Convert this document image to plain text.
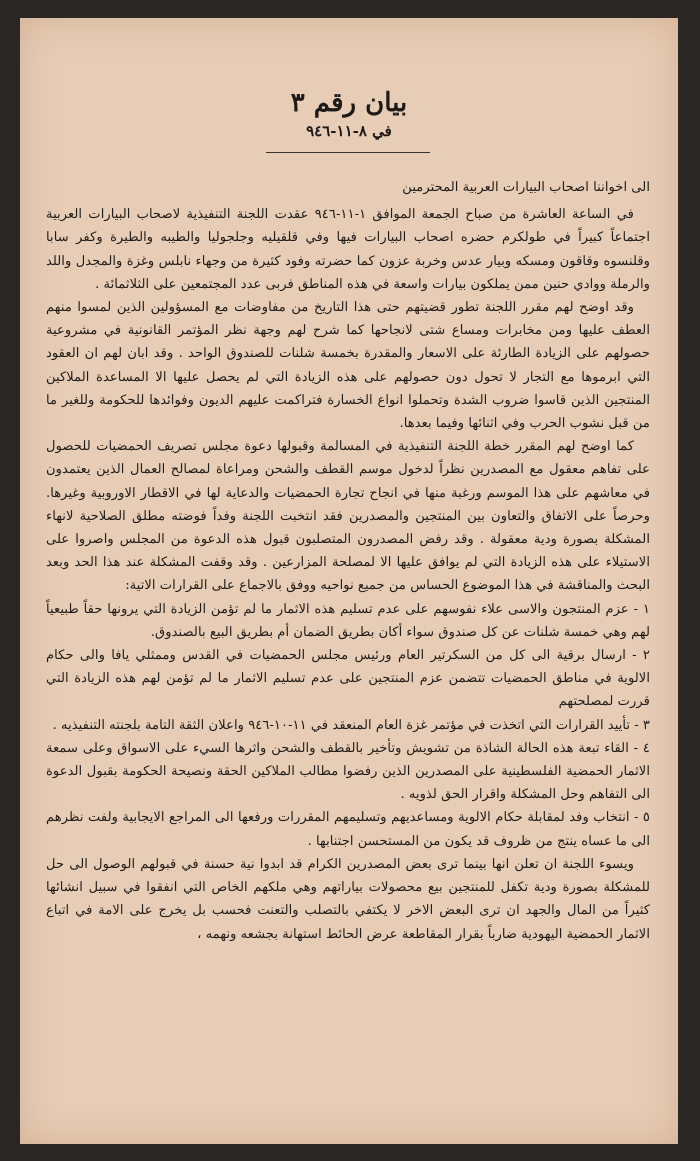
بيان رقم ٣
في ٨-١١-٩٤٦

الى اخواننا اصحاب البيارات العربية المحترمين

في الساعة العاشرة من صباح الجمعة الموافق ١-١١-٩٤٦ عقدت اللجنة التنفيذية لاصحاب البيارات العربية اجتماعاً كبيراً في طولكرم حضره اصحاب البيارات فيها وفي قلقيليه وجلجوليا والطيبه والطيرة وكفر سابا وقلنسوه وقاقون ومسكه وبيار عدس وخربة عزون كما حضرته وفود كثيرة من وجهاء نابلس وغزة والمجدل واللد والرملة ووادي حنين ممن يملكون بيارات واسعة في هذه المناطق فربى عدد المجتمعين على الثلاثمائة .

وقد اوضح لهم مقرر اللجنة تطور قضيتهم حتى هذا التاريخ من مفاوضات مع المسؤولين الذين لمسوا منهم العطف عليها ومن مخابرات ومساع شتى لانجاحها كما شرح لهم وجهة نظر المؤتمر القانونية في مشروعية حصولهم على الزيادة الطارئة على الاسعار والمقدرة بخمسة شلنات للصندوق الواحد . وقد ابان لهم ان العقود التي ابرموها مع التجار لا تحول دون حصولهم على هذه الزيادة التي لم يحصل عليها الا المساعدة الملاكين المنتجين الذين قاسوا ضروب الشدة وتحملوا انواع الخسارة فتراكمت عليهم الديون وفوائدها للحكومة وللغير ما من قبل نشوب الحرب وفي اثنائها وفيما بعدها.

كما اوضح لهم المقرر خطة اللجنة التنفيذية في المسالمة وقبولها دعوة مجلس تصريف الحمضيات للحصول على تفاهم معقول مع المصدرين نظراً لدخول موسم القطف والشحن ومراعاة لمصالح العمال الذين يعتمدون في معاشهم على هذا الموسم ورغبة منها في انجاح تجارة الحمضيات والدعاية لها في الاقطار الاوروبية وغيرها. وحرصاً على الاتفاق والتعاون بين المنتجين والمصدرين فقد انتخبت اللجنة وفداً فوضته مطلق الصلاحية لانهاء المشكلة بصورة ودية معقولة . وقد رفض المصدرون المتصلبون قبول هذه الدعوة من المجلس واصروا على الاستيلاء على هذه الزيادة التي لم يوافق عليها الا لمصلحة المزارعين . وقد وقفت المشكلة عند هذا الحد وبعد البحث والمناقشة في هذا الموضوع الحساس من جميع نواحيه ووفق بالاجماع على القرارات الاتية:

١ - عزم المنتجون والاسى علاء نفوسهم على عدم تسليم هذه الاثمار ما لم تؤمن الزيادة التي يرونها حقاً طبيعياً لهم وهي خمسة شلنات عن كل صندوق سواء أكان بطريق الضمان أم بطريق البيع بالصندوق.

٢ - ارسال برقية الى كل من السكرتير العام ورئيس مجلس الحمضيات في القدس وممثلي يافا والى حكام الالوية في مناطق الحمضيات تتضمن عزم المنتجين على عدم تسليم الاثمار ما لم تؤمن لهم هذه الزيادة التي قررت لمصلحتهم

٣ - تأييد القرارات التي اتخذت في مؤتمر غزة العام المنعقد في ١١-١٠-٩٤٦ واعلان الثقة التامة بلجنته التنفيذيه .

٤ - القاء تبعة هذه الحالة الشاذة من تشويش وتأخير بالقطف والشحن واثرها السيء على الاسواق وعلى سمعة الاثمار الحمضية الفلسطينية على المصدرين الذين رفضوا مطالب الملاكين الحقة ونصيحة الحكومة بقبول الدعوة الى التفاهم وحل المشكلة واقرار الحق لذويه .

٥ - انتخاب وفد لمقابلة حكام الالوية ومساعديهم وتسليمهم المقررات ورفعها الى المراجع الايجابية ولفت نظرهم الى ما عساه ينتج من ظروف قد يكون من المستحسن اجتنابها .

ويسوء اللجنة ان تعلن انها بينما ترى بعض المصدرين الكرام قد ابدوا نية حسنة في قبولهم الوصول الى حل للمشكلة بصورة ودية تكفل للمنتجين بيع محصولات بياراتهم وهي ملكهم الخاص التي انفقوا في سبيل انشائها كثيراً من المال والجهد ان ترى البعض الاخر لا يكتفي بالتصلب والتعنت فحسب بل يخرج على الامة في اتباع الاثمار الحمضية اليهودية ضارباً بقرار المقاطعة عرض الحائط استهانة بجشعه ونهمه ،
